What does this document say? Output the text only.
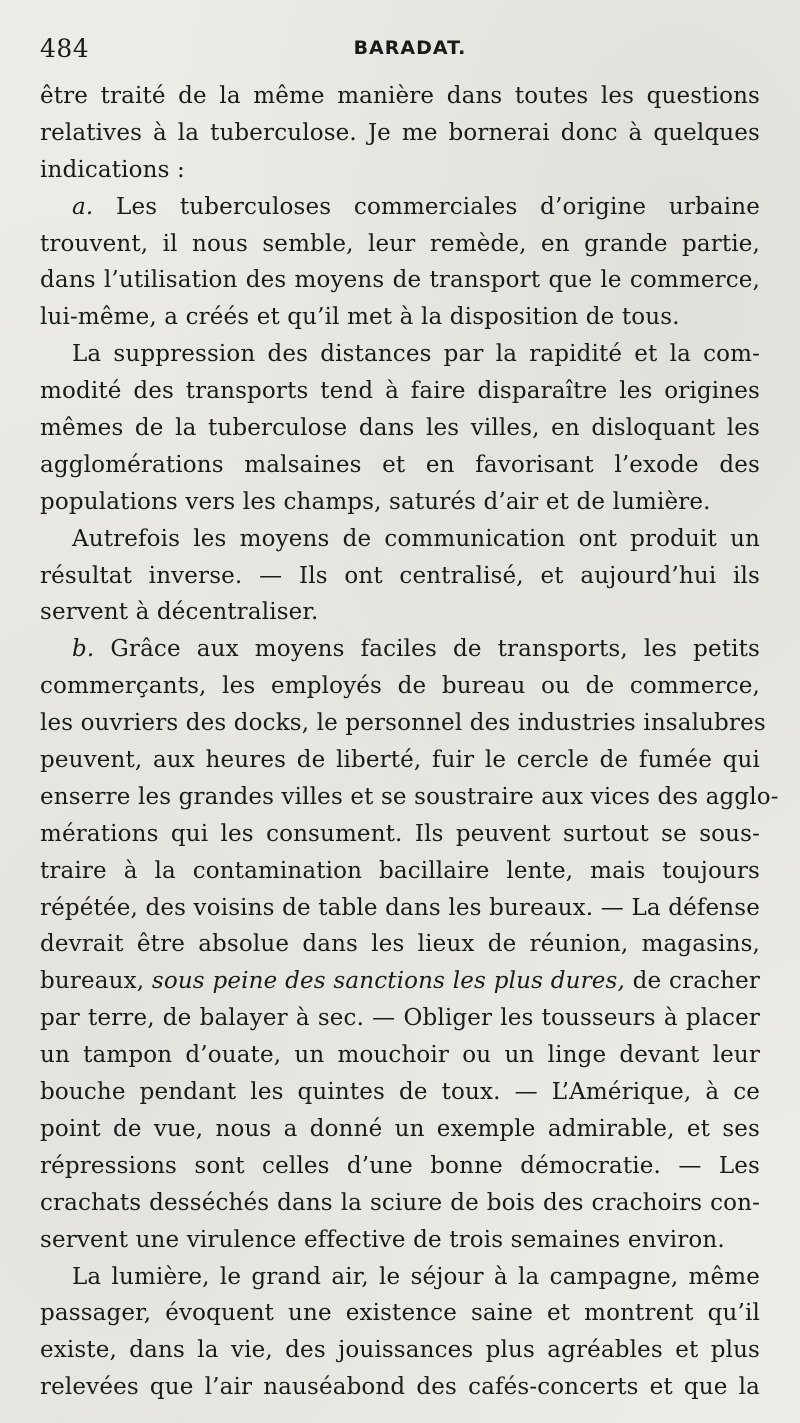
484	BARADAT.
être traité de la même manière dans toutes les questions
relatives à la tuberculose. Je me bornerai donc à quelques
indications :
a. Les tuberculoses commerciales d’origine urbaine
trouvent, il nous semble, leur remède, en grande partie,
dans l’utilisation des moyens de transport que le commerce,
lui-même, a créés et qu’il met à la disposition de tous.
La suppression des distances par la rapidité et la com-
modité des transports tend à faire disparaître les origines
mêmes de la tuberculose dans les villes, en disloquant les
agglomérations malsaines et en favorisant l’exode des
populations vers les champs, saturés d’air et de lumière.
Autrefois les moyens de communication ont produit un
résultat inverse. — Ils ont centralisé, et aujourd’hui ils
servent à décentraliser.
b. Grâce aux moyens faciles de transports, les petits
commerçants, les employés de bureau ou de commerce,
les ouvriers des docks, le personnel des industries insalubres
peuvent, aux heures de liberté, fuir le cercle de fumée qui
enserre les grandes villes et se soustraire aux vices des agglo-
mérations qui les consument. Ils peuvent surtout se sous-
traire à la contamination bacillaire lente, mais toujours
répétée, des voisins de table dans les bureaux. — La défense
devrait être absolue dans les lieux de réunion, magasins,
bureaux, sous peine des sanctions les plus dures, de cracher
par terre, de balayer à sec. — Obliger les tousseurs à placer
un tampon d’ouate, un mouchoir ou un linge devant leur
bouche pendant les quintes de toux. — L’Amérique, à ce
point de vue, nous a donné un exemple admirable, et ses
répressions sont celles d’une bonne démocratie. — Les
crachats desséchés dans la sciure de bois des crachoirs con-
servent une virulence effective de trois semaines environ.
La lumière, le grand air, le séjour à la campagne, même
passager, évoquent une existence saine et montrent qu’il
existe, dans la vie, des jouissances plus agréables et plus
relevées que l’air nauséabond des cafés-concerts et que la
